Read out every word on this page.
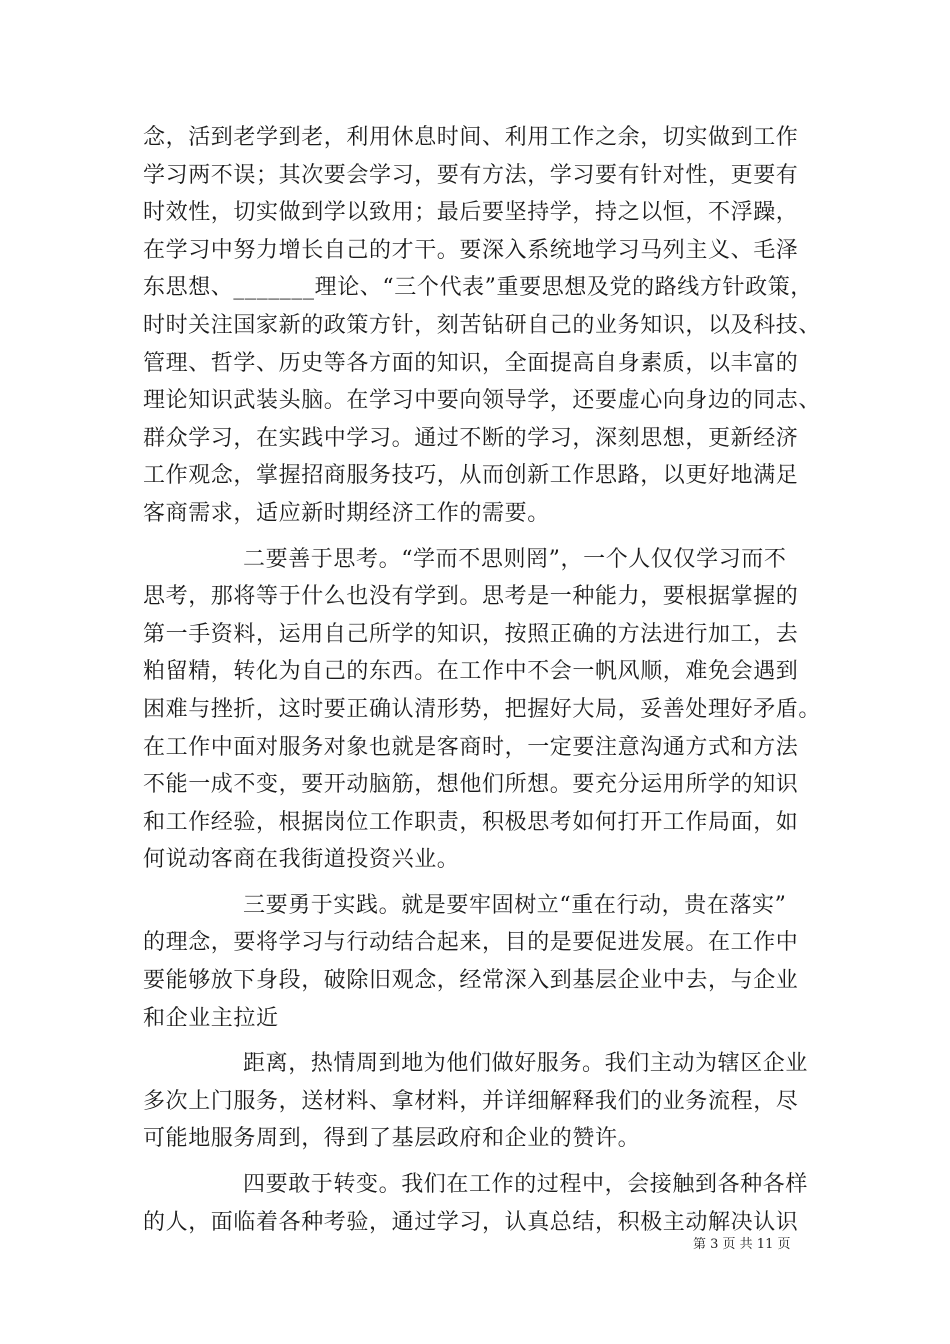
念，活到老学到老，利用休息时间、利用工作之余，切实做到工作
学习两不误；其次要会学习，要有方法，学习要有针对性，更要有
时效性，切实做到学以致用；最后要坚持学，持之以恒，不浮躁，
在学习中努力增长自己的才干。要深入系统地学习马列主义、毛泽
东思想、_______理论、“三个代表”重要思想及党的路线方针政策，
时时关注国家新的政策方针，刻苦钻研自己的业务知识，以及科技、
管理、哲学、历史等各方面的知识，全面提高自身素质，以丰富的
理论知识武装头脑。在学习中要向领导学，还要虚心向身边的同志、
群众学习，在实践中学习。通过不断的学习，深刻思想，更新经济
工作观念，掌握招商服务技巧，从而创新工作思路，以更好地满足
客商需求，适应新时期经济工作的需要。
二要善于思考。“学而不思则罔”，一个人仅仅学习而不
思考，那将等于什么也没有学到。思考是一种能力，要根据掌握的
第一手资料，运用自己所学的知识，按照正确的方法进行加工，去
粕留精，转化为自己的东西。在工作中不会一帆风顺，难免会遇到
困难与挫折，这时要正确认清形势，把握好大局，妥善处理好矛盾。
在工作中面对服务对象也就是客商时，一定要注意沟通方式和方法
不能一成不变，要开动脑筋，想他们所想。要充分运用所学的知识
和工作经验，根据岗位工作职责，积极思考如何打开工作局面，如
何说动客商在我街道投资兴业。
三要勇于实践。就是要牢固树立“重在行动，贵在落实”
的理念，要将学习与行动结合起来，目的是要促进发展。在工作中
要能够放下身段，破除旧观念，经常深入到基层企业中去，与企业
和企业主拉近
距离，热情周到地为他们做好服务。我们主动为辖区企业
多次上门服务，送材料、拿材料，并详细解释我们的业务流程，尽
可能地服务周到，得到了基层政府和企业的赞许。
四要敢于转变。我们在工作的过程中，会接触到各种各样
的人，面临着各种考验，通过学习，认真总结，积极主动解决认识
第 3 页 共 11 页
